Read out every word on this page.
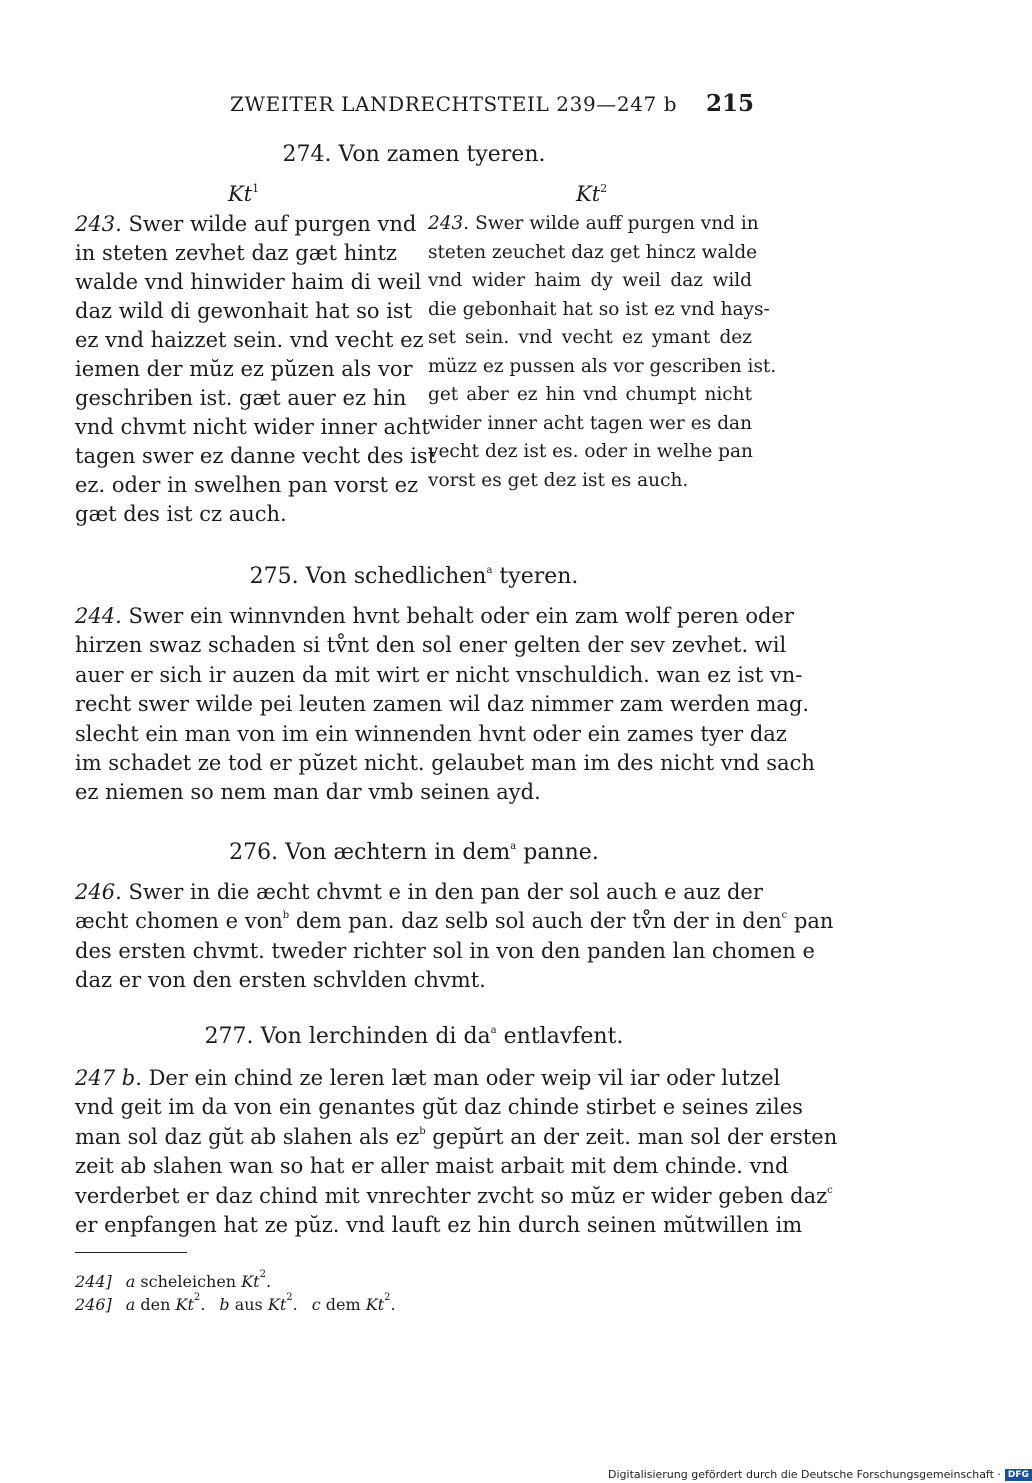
ZWEITER LANDRECHTSTEIL 239—247 b 215
274. Von zamen tyeren.
Kt$^1$	Kt$^2$
243. Swer wilde auf purgen vnd
in steten zevhet daz gæt hintz
walde vnd hinwider haim di weil
daz wild di gewonhait hat so ist
ez vnd haizzet sein. vnd vecht ez
iemen der mŭz ez pŭzen als vor
geschriben ist. gæt auer ez hin
vnd chvmt nicht wider inner acht
tagen swer ez danne vecht des ist
ez. oder in swelhen pan vorst ez
gæt des ist cz auch.
243. Swer wilde auff purgen vnd in
steten zeuchet daz get hincz walde
vnd wider haim dy weil daz wild
die gebonhait hat so ist ez vnd hays-
set sein. vnd vecht ez ymant dez
müzz ez pussen als vor gescriben ist.
get aber ez hin vnd chumpt nicht
wider inner acht tagen wer es dan
vecht dez ist es. oder in welhe pan
vorst es get dez ist es auch.
275. Von schedlichen$^a$ tyeren.
244. Swer ein winnvnden hvnt behalt oder ein zam wolf peren oder
hirzen swaz schaden si tv̊nt den sol ener gelten der sev zevhet. wil
auer er sich ir auzen da mit wirt er nicht vnschuldich. wan ez ist vn-
recht swer wilde pei leuten zamen wil daz nimmer zam werden mag.
slecht ein man von im ein winnenden hvnt oder ein zames tyer daz
im schadet ze tod er pŭzet nicht. gelaubet man im des nicht vnd sach
ez niemen so nem man dar vmb seinen ayd.
276. Von æchtern in dem$^a$ panne.
246. Swer in die æcht chvmt e in den pan der sol auch e auz der
æcht chomen e von$^b$ dem pan. daz selb sol auch der tv̊n der in den$^c$ pan
des ersten chvmt. tweder richter sol in von den panden lan chomen e
daz er von den ersten schvlden chvmt.
277. Von lerchinden di $da^a$ entlavfent.
247 b. Der ein chind ze leren læt man oder weip vil iar oder lutzel
vnd geit im da von ein genantes gŭt daz chinde stirbet e seines ziles
man sol daz gŭt ab slahen als $ez^b$ gepŭrt an der zeit. man sol der ersten
zeit ab slahen wan so hat er aller maist arbait mit dem chinde. vnd
verderbet er daz chind mit vnrechter zvcht so mŭz er wider geben daz$^c$
er enpfangen hat ze pŭz. vnd lauft ez hin durch seinen mŭtwillen im
244] a scheleichen Kt$^2$.
246] a den Kt$^2$. b aus Kt$^2$. c dem Kt$^2$.
Digitalisierung gefördert durch die Deutsche Forschungsgemeinschaft · DFG
